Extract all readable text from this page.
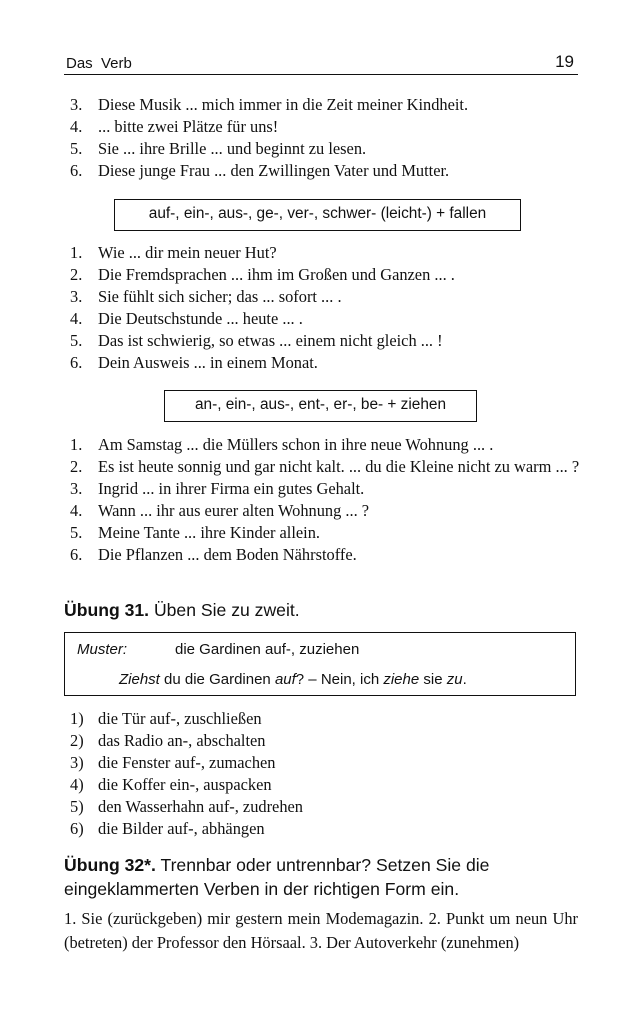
Das  Verb	19
3. Diese Musik ... mich immer in die Zeit meiner Kindheit.
4. ... bitte zwei Plätze für uns!
5. Sie ... ihre Brille ... und beginnt zu lesen.
6. Diese junge Frau ... den Zwillingen Vater und Mutter.
auf-, ein-, aus-, ge-, ver-, schwer- (leicht-) + fallen
1. Wie ... dir mein neuer Hut?
2. Die Fremdsprachen ... ihm im Großen und Ganzen ... .
3. Sie fühlt sich sicher; das ... sofort ... .
4. Die Deutschstunde ... heute ... .
5. Das ist schwierig, so etwas ... einem nicht gleich ... !
6. Dein Ausweis ... in einem Monat.
an-, ein-, aus-, ent-, er-, be- + ziehen
1. Am Samstag ... die Müllers schon in ihre neue Wohnung ... .
2. Es ist heute sonnig und gar nicht kalt. ... du die Kleine nicht zu warm ... ?
3. Ingrid ... in ihrer Firma ein gutes Gehalt.
4. Wann ... ihr aus eurer alten Wohnung ... ?
5. Meine Tante ... ihre Kinder allein.
6. Die Pflanzen ... dem Boden Nährstoffe.
Übung 31. Üben Sie zu zweit.
Muster:	die Gardinen auf-, zuziehen
Ziehst du die Gardinen auf? – Nein, ich ziehe sie zu.
1) die Tür auf-, zuschließen
2) das Radio an-, abschalten
3) die Fenster auf-, zumachen
4) die Koffer ein-, auspacken
5) den Wasserhahn auf-, zudrehen
6) die Bilder auf-, abhängen
Übung 32*. Trennbar oder untrennbar? Setzen Sie die eingeklammerten Verben in der richtigen Form ein.
1. Sie (zurückgeben) mir gestern mein Modemagazin. 2. Punkt um neun Uhr (betreten) der Professor den Hörsaal. 3. Der Autoverkehr (zunehmen)
